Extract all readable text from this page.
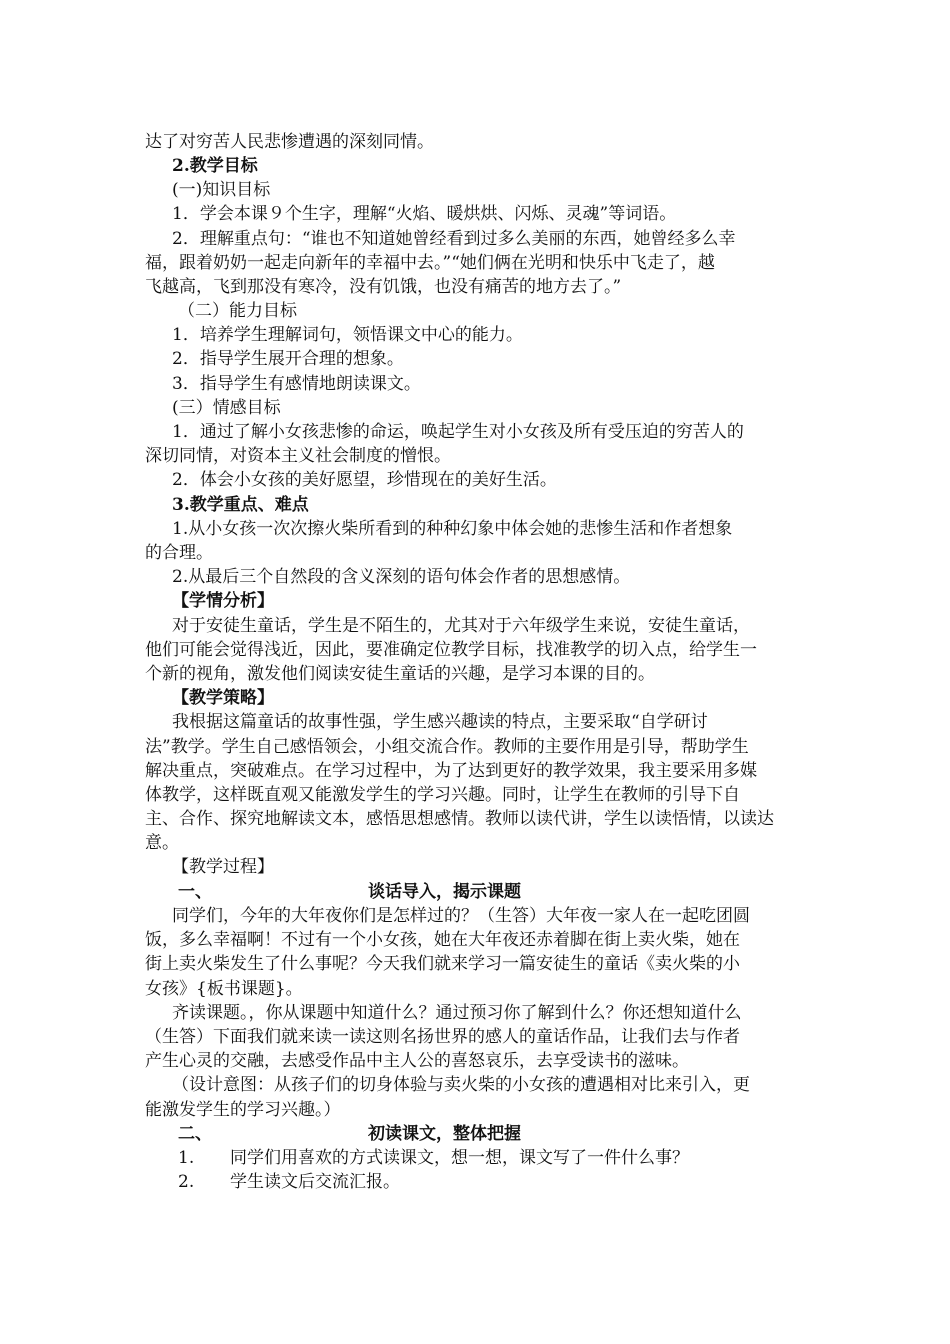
达了对穷苦人民悲惨遭遇的深刻同情。
2.教学目标
(一)知识目标
1．学会本课９个生字，理解“火焰、暖烘烘、闪烁、灵魂”等词语。
2．理解重点句：“谁也不知道她曾经看到过多么美丽的东西，她曾经多么幸
福，跟着奶奶一起走向新年的幸福中去。”“她们俩在光明和快乐中飞走了，越
飞越高，飞到那没有寒冷，没有饥饿，也没有痛苦的地方去了。”
（二）能力目标
1．培养学生理解词句，领悟课文中心的能力。
2．指导学生展开合理的想象。
3．指导学生有感情地朗读课文。
(三）情感目标
1．通过了解小女孩悲惨的命运，唤起学生对小女孩及所有受压迫的穷苦人的
深切同情，对资本主义社会制度的憎恨。
2．体会小女孩的美好愿望，珍惜现在的美好生活。
3.教学重点、难点
1.从小女孩一次次擦火柴所看到的种种幻象中体会她的悲惨生活和作者想象
的合理。
2.从最后三个自然段的含义深刻的语句体会作者的思想感情。
【学情分析】
对于安徒生童话，学生是不陌生的，尤其对于六年级学生来说，安徒生童话，
他们可能会觉得浅近，因此，要准确定位教学目标，找准教学的切入点，给学生一
个新的视角，激发他们阅读安徒生童话的兴趣，是学习本课的目的。
【教学策略】
我根据这篇童话的故事性强，学生感兴趣读的特点，主要采取“自学研讨
法”教学。学生自己感悟领会，小组交流合作。教师的主要作用是引导，帮助学生
解决重点，突破难点。在学习过程中，为了达到更好的教学效果，我主要采用多媒
体教学，这样既直观又能激发学生的学习兴趣。同时，让学生在教师的引导下自
主、合作、探究地解读文本，感悟思想感情。教师以读代讲，学生以读悟情，以读达
意。
【教学过程】
一、	谈话导入，揭示课题
同学们，今年的大年夜你们是怎样过的？（生答）大年夜一家人在一起吃团圆
饭，多么幸福啊！不过有一个小女孩，她在大年夜还赤着脚在街上卖火柴，她在
街上卖火柴发生了什么事呢？今天我们就来学习一篇安徒生的童话《卖火柴的小
女孩》{板书课题}。
齐读课题。，你从课题中知道什么？通过预习你了解到什么？你还想知道什么
（生答）下面我们就来读一读这则名扬世界的感人的童话作品，让我们去与作者
产生心灵的交融，去感受作品中主人公的喜怒哀乐，去享受读书的滋味。
（设计意图：从孩子们的切身体验与卖火柴的小女孩的遭遇相对比来引入，更
能激发学生的学习兴趣。）
二、	初读课文，整体把握
1. 同学们用喜欢的方式读课文，想一想，课文写了一件什么事？
2. 学生读文后交流汇报。
